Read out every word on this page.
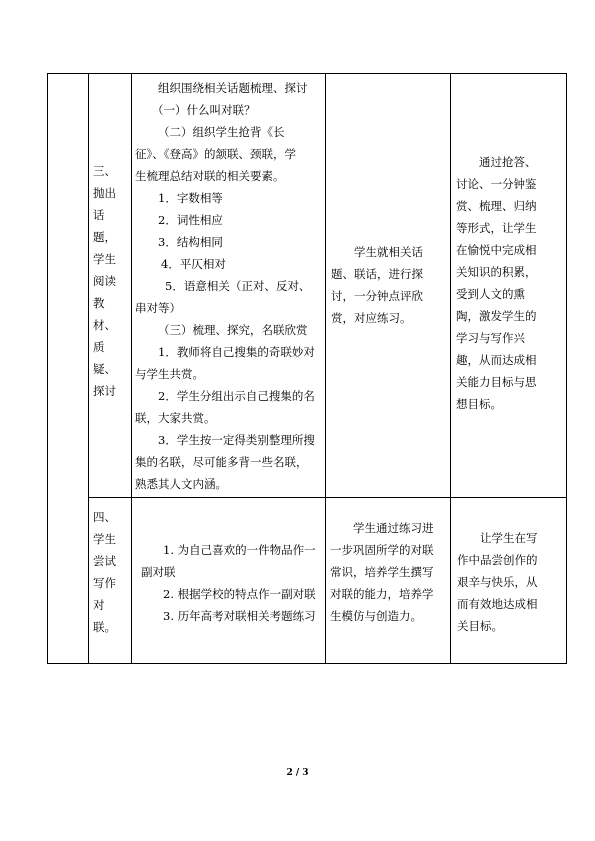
三、

抛出

话

题，

学生

阅读

教

材、

质

疑、

探讨

组织围绕相关话题梳理、探讨

（一）什么叫对联？

（二）组织学生抢背《长

征》、《登高》的颔联、颈联，学

生梳理总结对联的相关要素。

1．字数相等

2．词性相应

3．结构相同

4．平仄相对

5．语意相关（正对、反对、

串对等）

（三）梳理、探究，名联欣赏

1．教师将自己搜集的奇联妙对

与学生共赏。

2．学生分组出示自己搜集的名

联，大家共赏。

3．学生按一定得类别整理所搜

集的名联，尽可能多背一些名联，

熟悉其人文内涵。

学生就相关话

题、联话，进行探

讨，一分钟点评欣

赏，对应练习。

通过抢答、

讨论、一分钟鉴

赏、梳理、归纳

等形式，让学生

在愉悦中完成相

关知识的积累，

受到人文的熏

陶，激发学生的

学习与写作兴

趣，从而达成相

关能力目标与思

想目标。

四、

学生

尝试

写作

对

联。

1. 为自己喜欢的一件物品作一

副对联

2. 根据学校的特点作一副对联

3. 历年高考对联相关考题练习

学生通过练习进

一步巩固所学的对联

常识，培养学生撰写

对联的能力，培养学

生模仿与创造力。

让学生在写

作中品尝创作的

艰辛与快乐，从

而有效地达成相

关目标。

2 / 3
